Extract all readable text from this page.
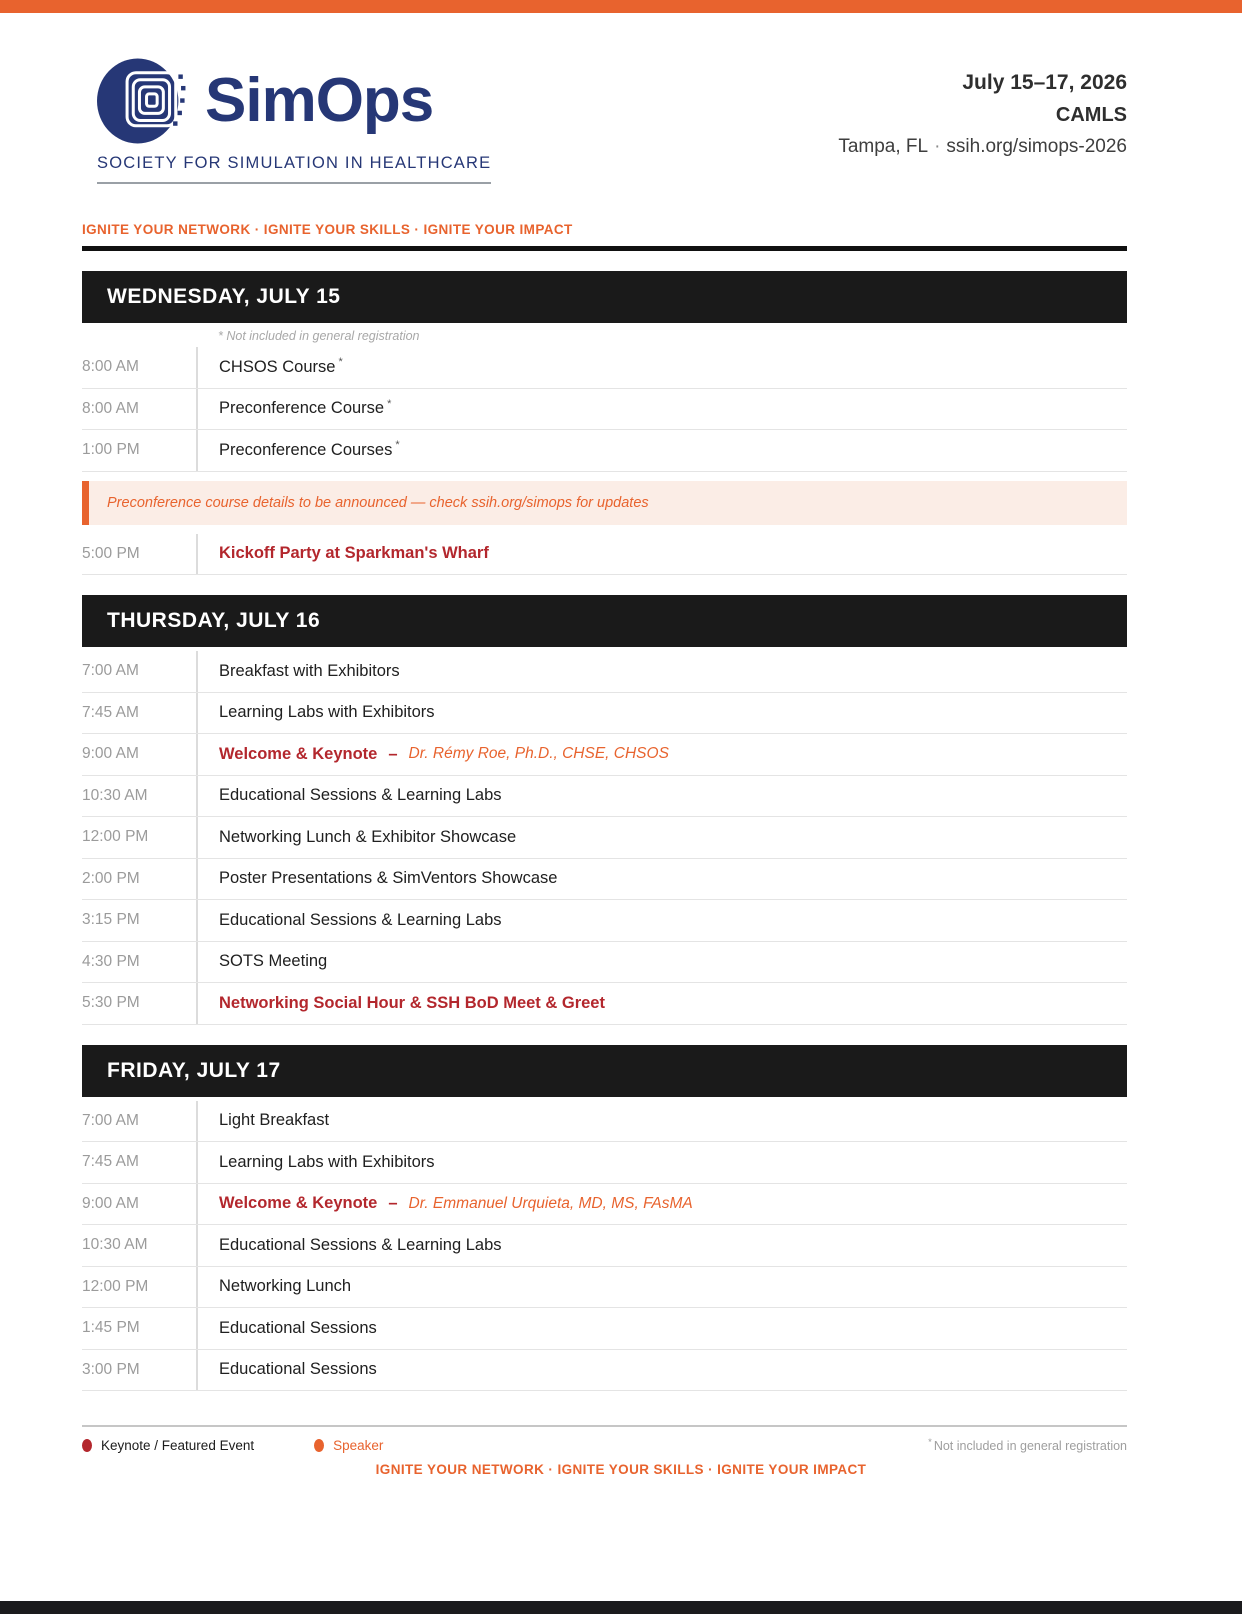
SimOps
SOCIETY FOR SIMULATION IN HEALTHCARE
July 15–17, 2026
CAMLS
Tampa, FL · ssih.org/simops-2026
IGNITE YOUR NETWORK · IGNITE YOUR SKILLS · IGNITE YOUR IMPACT
WEDNESDAY, JULY 15
* Not included in general registration
8:00 AM	CHSOS Course *
8:00 AM	Preconference Course *
1:00 PM	Preconference Courses *
Preconference course details to be announced — check ssih.org/simops for updates
5:00 PM	Kickoff Party at Sparkman's Wharf
THURSDAY, JULY 16
7:00 AM	Breakfast with Exhibitors
7:45 AM	Learning Labs with Exhibitors
9:00 AM	Welcome & Keynote – Dr. Rémy Roe, Ph.D., CHSE, CHSOS
10:30 AM	Educational Sessions & Learning Labs
12:00 PM	Networking Lunch & Exhibitor Showcase
2:00 PM	Poster Presentations & SimVentors Showcase
3:15 PM	Educational Sessions & Learning Labs
4:30 PM	SOTS Meeting
5:30 PM	Networking Social Hour & SSH BoD Meet & Greet
FRIDAY, JULY 17
7:00 AM	Light Breakfast
7:45 AM	Learning Labs with Exhibitors
9:00 AM	Welcome & Keynote – Dr. Emmanuel Urquieta, MD, MS, FAsMA
10:30 AM	Educational Sessions & Learning Labs
12:00 PM	Networking Lunch
1:45 PM	Educational Sessions
3:00 PM	Educational Sessions
Keynote / Featured Event	Speaker	* Not included in general registration
IGNITE YOUR NETWORK · IGNITE YOUR SKILLS · IGNITE YOUR IMPACT
